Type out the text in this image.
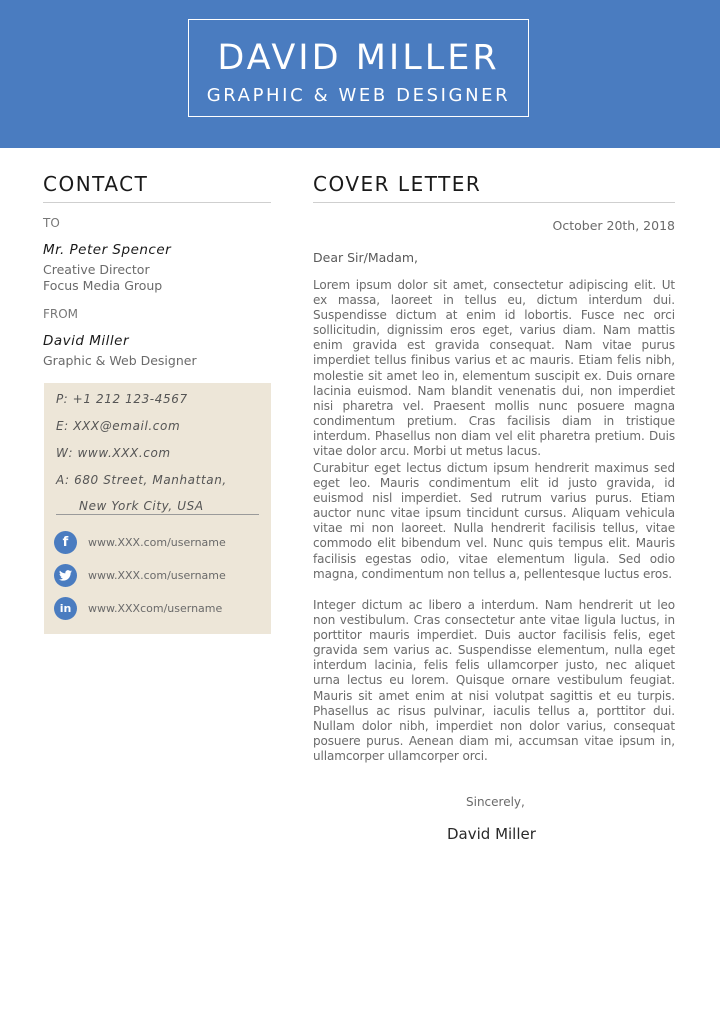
DAVID MILLER
GRAPHIC & WEB DESIGNER
CONTACT
TO
Mr. Peter Spencer
Creative Director
Focus Media Group
FROM
David Miller
Graphic & Web Designer
P: +1 212 123-4567
E: XXX@email.com
W: www.XXX.com
A: 680 Street, Manhattan,
New York City, USA
f	www.XXX.com/username
www.XXX.com/username
in	www.XXXcom/username
COVER LETTER
October 20th, 2018
Dear Sir/Madam,
Lorem ipsum dolor sit amet, consectetur adipiscing elit. Ut ex massa, laoreet in tellus eu, dictum interdum dui. Suspendisse dictum at enim id lobortis. Fusce nec orci sollicitudin, dignissim eros eget, varius diam. Nam mattis enim gravida est gravida consequat. Nam vitae purus imperdiet tellus finibus varius et ac mauris. Etiam felis nibh, molestie sit amet leo in, elementum suscipit ex. Duis ornare lacinia euismod. Nam blandit venenatis dui, non imperdiet nisi pharetra vel. Praesent mollis nunc posuere magna condimentum pretium. Cras facilisis diam in tristique interdum. Phasellus non diam vel elit pharetra pretium. Duis vitae dolor arcu. Morbi ut metus lacus.
Curabitur eget lectus dictum ipsum hendrerit maximus sed eget leo. Mauris condimentum elit id justo gravida, id euismod nisl imperdiet. Sed rutrum varius purus. Etiam auctor nunc vitae ipsum tincidunt cursus. Aliquam vehicula vitae mi non laoreet. Nulla hendrerit facilisis tellus, vitae commodo elit bibendum vel. Nunc quis tempus elit. Mauris facilisis egestas odio, vitae elementum ligula. Sed odio magna, condimentum non tellus a, pellentesque luctus eros.
Integer dictum ac libero a interdum. Nam hendrerit ut leo non vestibulum. Cras consectetur ante vitae ligula luctus, in porttitor mauris imperdiet. Duis auctor facilisis felis, eget gravida sem varius ac. Suspendisse elementum, nulla eget interdum lacinia, felis felis ullamcorper justo, nec aliquet urna lectus eu lorem. Quisque ornare vestibulum feugiat. Mauris sit amet enim at nisi volutpat sagittis et eu turpis. Phasellus ac risus pulvinar, iaculis tellus a, porttitor dui. Nullam dolor nibh, imperdiet non dolor varius, consequat posuere purus. Aenean diam mi, accumsan vitae ipsum in, ullamcorper ullamcorper orci.
Sincerely,
David Miller
